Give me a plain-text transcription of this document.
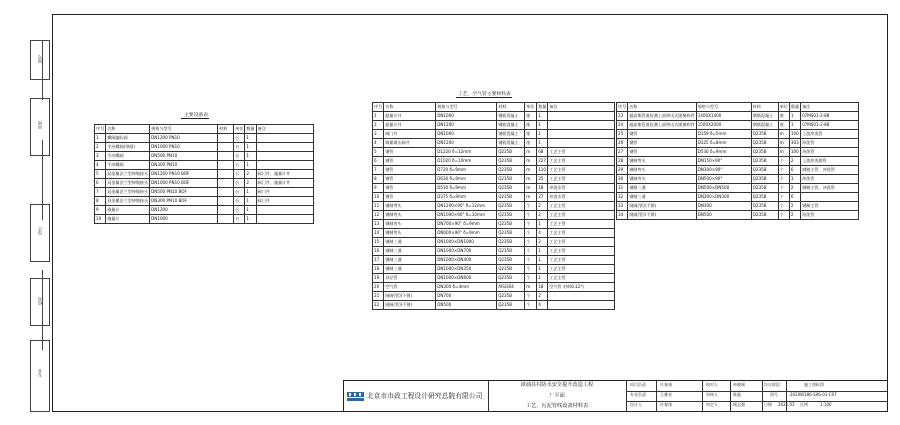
图号
审核
设计
校对
专业
主要设备表
序号	名称	规格与型号	材料	单位	数量	备注
1	蝶阀编队阀	DN1200 PN10		台	1	
2	手动蝶阀(带阀)	DN1000 PN10		台	1	
3	手动蝶阀	DN500 PN10		台	1	
4	手动蝶阀	DN300 PN10		台	1	
5	双金属法兰型伸缩接头	DN1200 PN10 BOF		台	2	阀门井、施量计井
6	双金属法兰型伸缩接头	DN1000 PN10 BOF		台	2	阀门井、施量计井
7	双金属法兰型伸缩接头	DN500 PN10 BOF		台	1	阀门井
8	双金属法兰型伸缩接头	DN300 PN10 BOF		台	1	阀门井
9	施量计	DN1200		台	1	
10	施量计	DN1000		台	1	
工艺、空气管主要材料表
序号	名称	规格与型号	材料	单位	数量	备注
1	超量计井	DN1000	钢筋混凝土	座	1	
2	超量计井	DN1200	钢筋混凝土	座	1	
3	阀门井	DN1000	钢筋混凝土	座	1	
4	调蓄调压阀井	DN1200	钢筋混凝土	座	1	
5	钢管	D1220 δ=12mm	Q235B	m	68	工艺主管
6	钢管	D1020 δ=10mm	Q235B	m	227	工艺主管
7	钢管	D720 δ=9mm	Q235B	m	110	工艺主管
8	钢管	D630 δ=9mm	Q235B	m	25	工艺主管
9	钢管	D530 δ=9mm	Q235B	m	18	冲洗水管
10	钢管	D375 δ=9mm	Q235B	m	27	冲洗水管
11	钢制弯头	DN1200×90° δ=12mm	Q235B	个	2	工艺主管
12	钢制弯头	DN1000×90° δ=10mm	Q235B	个	2	工艺主管
13	钢制弯头	DN700×90° δ=9mm	Q235B	个	1	工艺主管
14	钢制弯头	DN600×90° δ=9mm	Q235B	个	4	工艺主管
15	钢制三通	DN1000×DN1000	Q235B	个	2	工艺主管
16	钢制三通	DN1000×DN700	Q235B	个	1	工艺主管
17	钢制三通	DN1000×DN400	Q235B	个	1	工艺主管
18	钢制三通	DN1000×DN350	Q235B	个	1	工艺主管
19	异径管	DN1000×DN600	Q235B	个	1	工艺主管
20	空气管	DN300 δ=4mm	AISI304	m	18	空气管 材料0.12气
21	闸阀(管)(不锈)	DN700	Q235B	个	2	
22	闸阀(管)(不锈)	DN500	Q235B	个	4	
序号	名称	规格与型号	材料	单位	数量	备注
23	超高集管道检测上部带出式爬梯构件	1400X1400	钢筋混凝土	座	1	07MS01-2-88
24	超高集管道检测上部带出式爬梯构件	1500X2000	钢筋混凝土	座	1	07MS01-2-88
25	钢管	D159 δ=5mm	Q235B	m	100	上游冲洗管
26	钢管	D325 δ=8mm	Q235B	m	303	冲洗管
27	钢管	D530 δ=9mm	Q235B	m	100	冲洗管
28	钢制弯头	DN150×90°	Q235B	个	2	上游冲洗排管
29	钢制弯头	DN300×90°	Q235B	个	6	钢制主管、冲洗管
30	钢制弯头	DN500×90°	Q235B	个	3	冲洗管
31	钢制三通	DN500×DN500	Q235B	个	2	钢制主管、冲洗管
32	钢制三通	DN300×DN300	Q235B	个	6	
33	闸阀(管)(不锈)	DN300	Q235B	个	2	钢制主管
34	闸阀(管)(不锈)	DN500	Q235B	个	2	冲洗管
北京市市政工程设计研究总院有限公司
漳浦县村防水安全提升改造工程
厂平面
工艺、污泥管线设备材料表
项目负责	许春康
专业负责	王雅亮
设计人	许春康
校对人	单晓刚
审核人	陈磊
审定人	顾志强
设计阶段	施工图标图
图号	2020W186-S06-01-C07
日期 2021.01 比例	1:100
